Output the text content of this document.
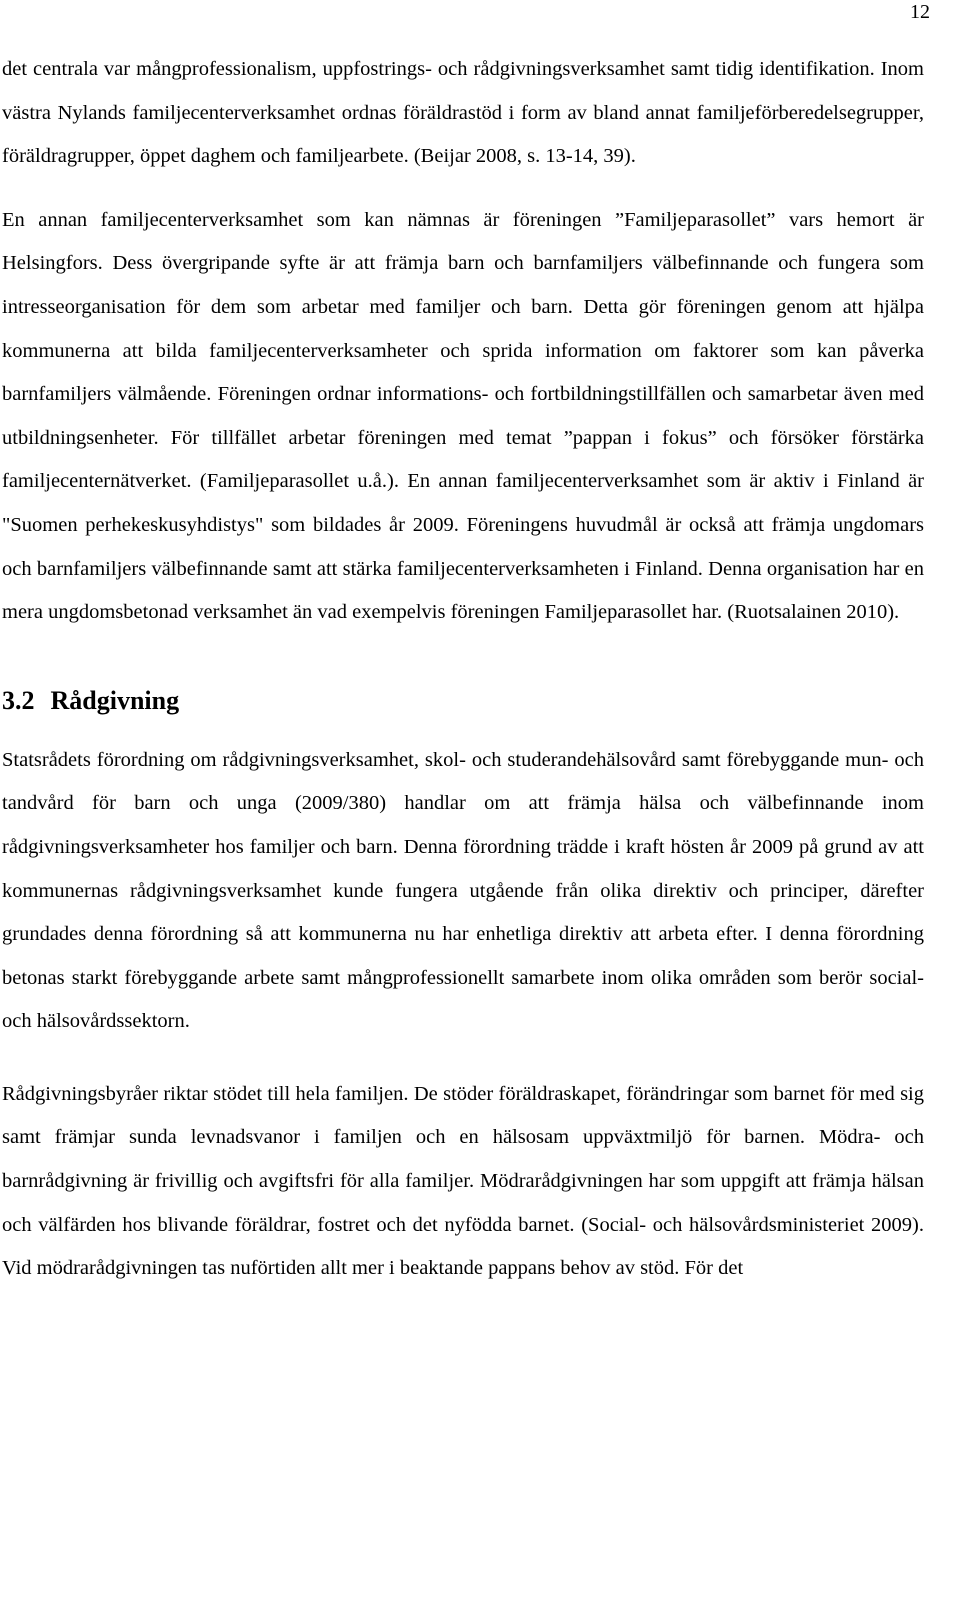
12

det centrala var mångprofessionalism, uppfostrings- och rådgivningsverksamhet samt tidig identifikation. Inom västra Nylands familjecenterverksamhet ordnas föräldrastöd i form av bland annat familjeförberedelsegrupper, föräldragrupper, öppet daghem och familjearbete. (Beijar 2008, s. 13-14, 39).

En annan familjecenterverksamhet som kan nämnas är föreningen ”Familjeparasollet” vars hemort är Helsingfors. Dess övergripande syfte är att främja barn och barnfamiljers välbefinnande och fungera som intresseorganisation för dem som arbetar med familjer och barn. Detta gör föreningen genom att hjälpa kommunerna att bilda familjecenterverksamheter och sprida information om faktorer som kan påverka barnfamiljers välmående. Föreningen ordnar informations- och fortbildningstillfällen och samarbetar även med utbildningsenheter. För tillfället arbetar föreningen med temat ”pappan i fokus” och försöker förstärka familjecenternätverket. (Familjeparasollet u.å.). En annan familjecenterverksamhet som är aktiv i Finland är "Suomen perhekeskusyhdistys" som bildades år 2009. Föreningens huvudmål är också att främja ungdomars och barnfamiljers välbefinnande samt att stärka familjecenterverksamheten i Finland. Denna organisation har en mera ungdomsbetonad verksamhet än vad exempelvis föreningen Familjeparasollet har. (Ruotsalainen 2010).

3.2 Rådgivning

Statsrådets förordning om rådgivningsverksamhet, skol- och studerandehälsovård samt förebyggande mun- och tandvård för barn och unga (2009/380) handlar om att främja hälsa och välbefinnande inom rådgivningsverksamheter hos familjer och barn. Denna förordning trädde i kraft hösten år 2009 på grund av att kommunernas rådgivningsverksamhet kunde fungera utgående från olika direktiv och principer, därefter grundades denna förordning så att kommunerna nu har enhetliga direktiv att arbeta efter. I denna förordning betonas starkt förebyggande arbete samt mångprofessionellt samarbete inom olika områden som berör social- och hälsovårdssektorn.

Rådgivningsbyråer riktar stödet till hela familjen. De stöder föräldraskapet, förändringar som barnet för med sig samt främjar sunda levnadsvanor i familjen och en hälsosam uppväxtmiljö för barnen. Mödra- och barnrådgivning är frivillig och avgiftsfri för alla familjer. Mödrarådgivningen har som uppgift att främja hälsan och välfärden hos blivande föräldrar, fostret och det nyfödda barnet. (Social- och hälsovårdsministeriet 2009). Vid mödrarådgivningen tas nuförtiden allt mer i beaktande pappans behov av stöd. För det
